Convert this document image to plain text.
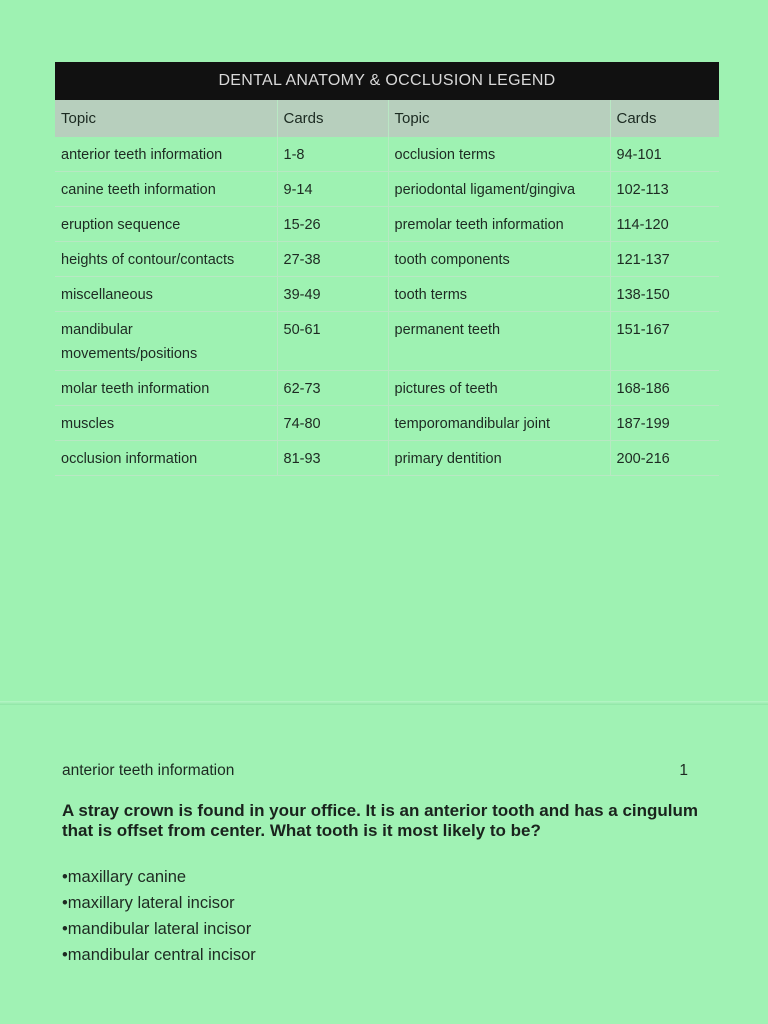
DENTAL ANATOMY & OCCLUSION LEGEND
Topic	Cards	Topic	Cards
anterior teeth information	1-8	occlusion terms	94-101
canine teeth information	9-14	periodontal ligament/gingiva	102-113
eruption sequence	15-26	premolar teeth information	114-120
heights of contour/contacts	27-38	tooth components	121-137
miscellaneous	39-49	tooth terms	138-150
mandibular movements/positions	50-61	permanent teeth	151-167
molar teeth information	62-73	pictures of teeth	168-186
muscles	74-80	temporomandibular joint	187-199
occlusion information	81-93	primary dentition	200-216
anterior teeth information	1
A stray crown is found in your office. It is an anterior tooth and has a cingulum that is offset from center. What tooth is it most likely to be?
• maxillary canine
• maxillary lateral incisor
• mandibular lateral incisor
• mandibular central incisor
